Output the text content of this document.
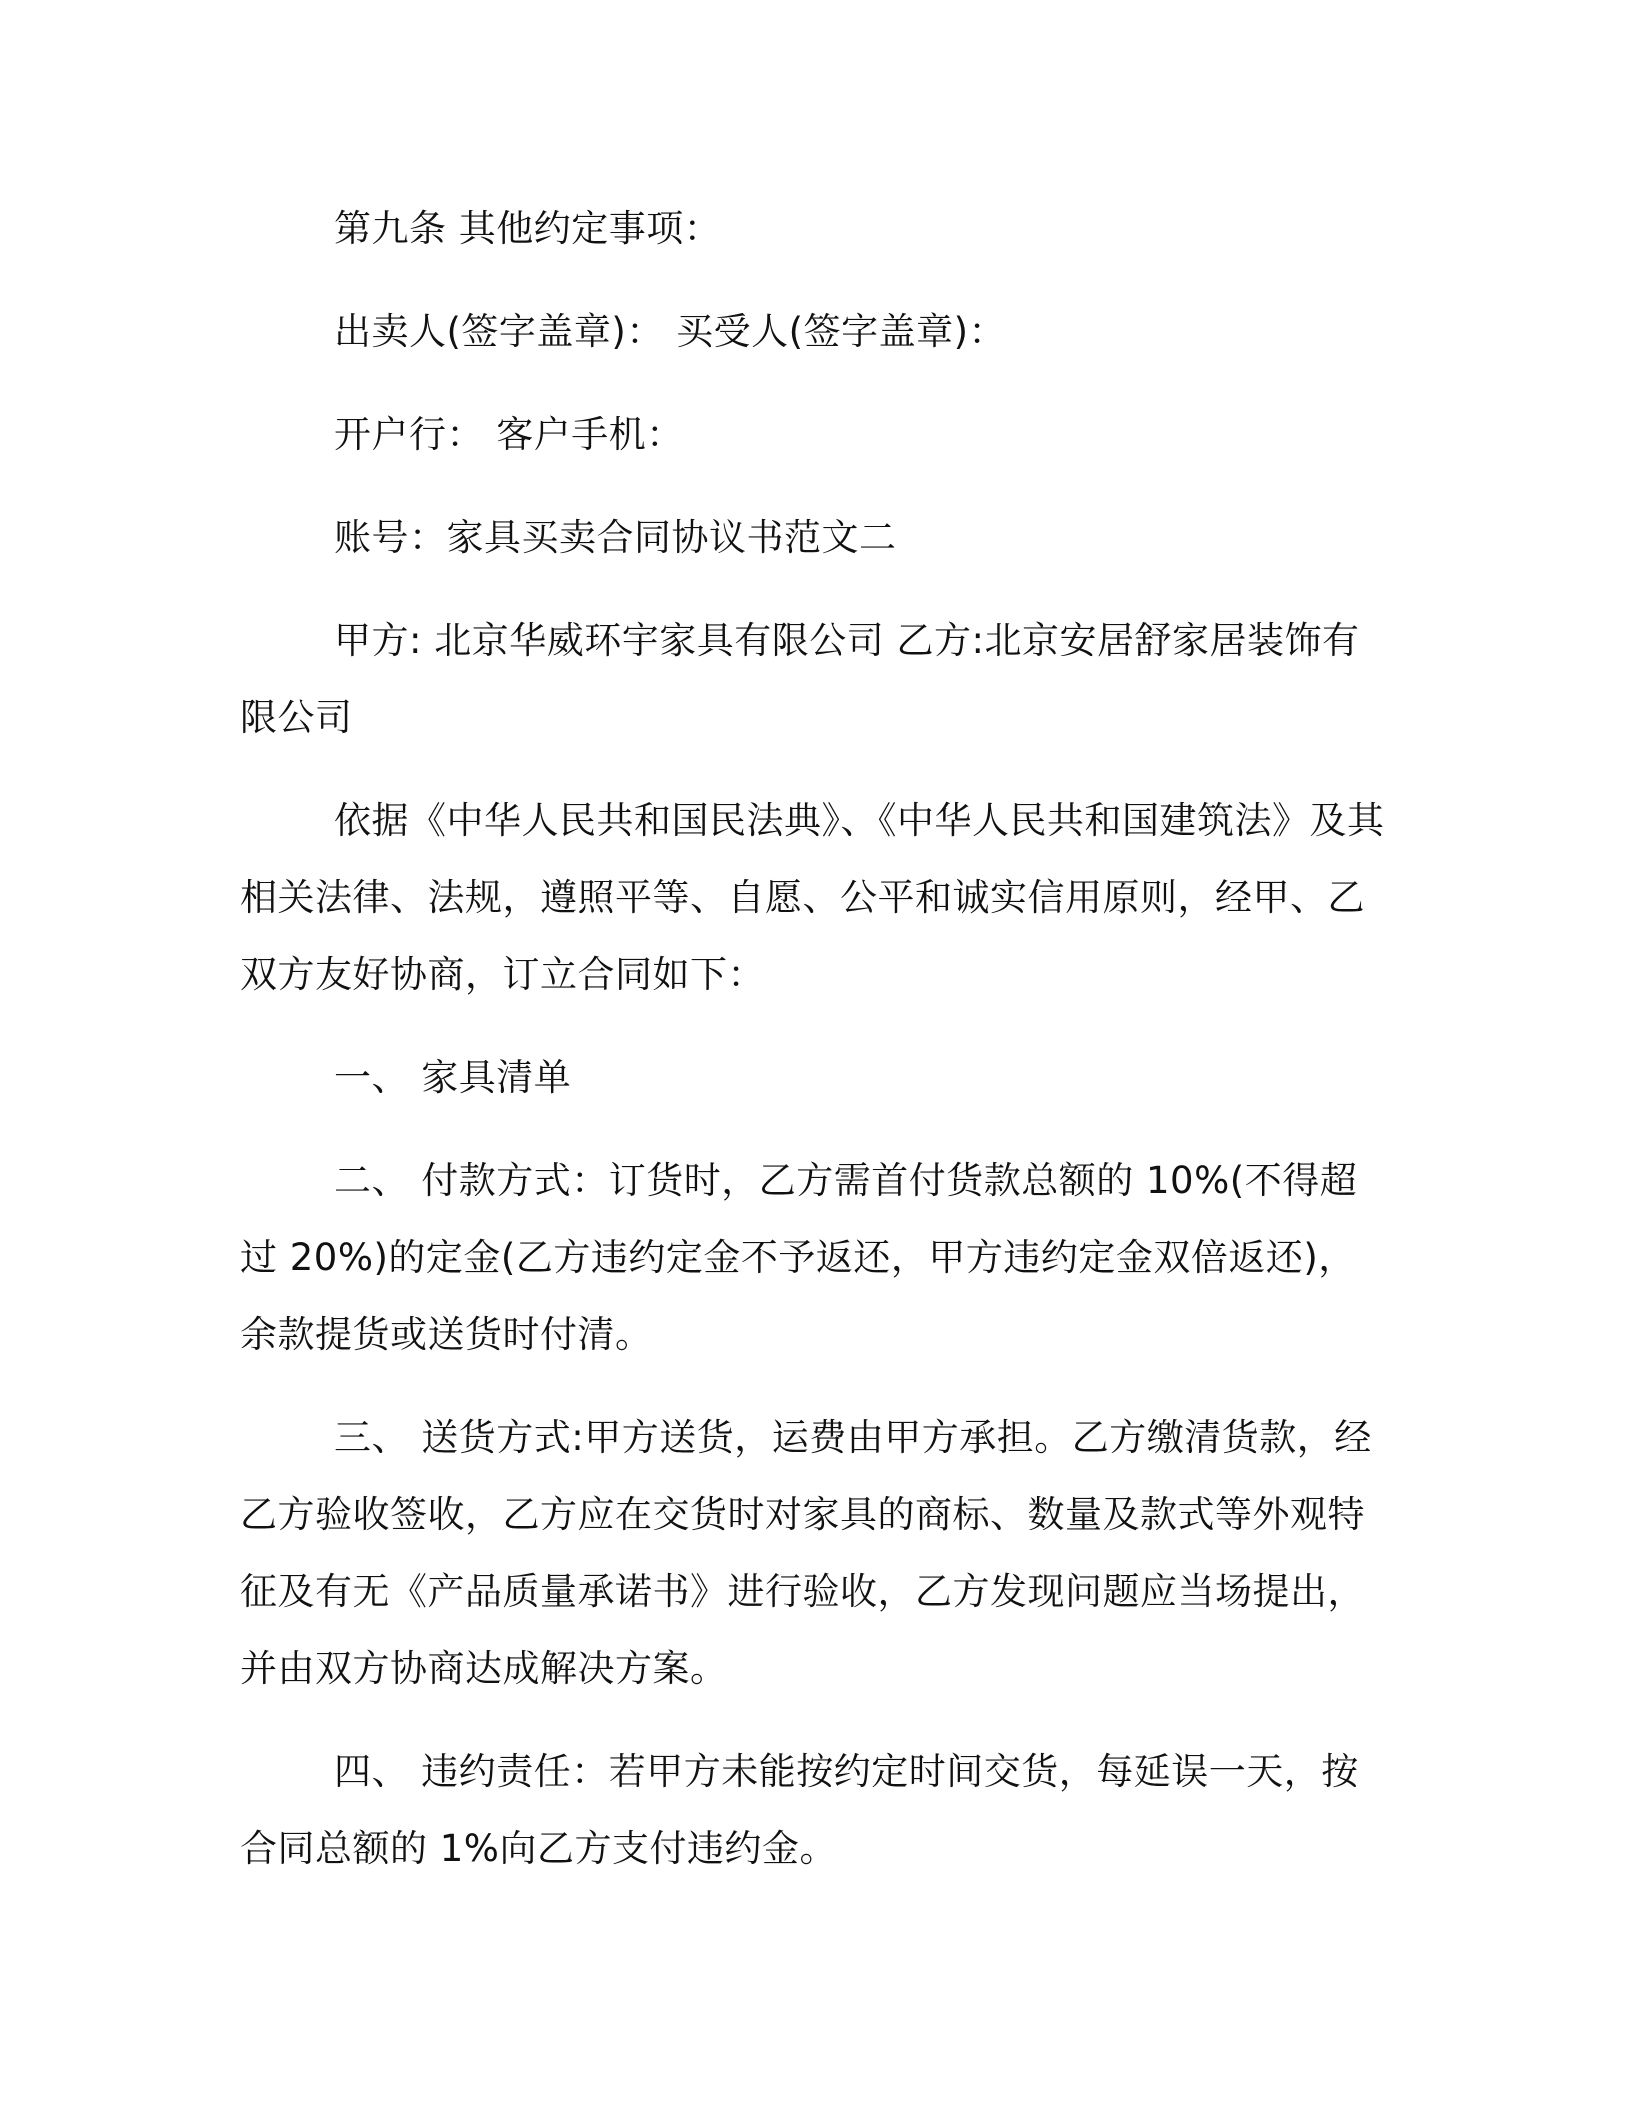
第九条 其他约定事项：

出卖人(签字盖章)： 买受人(签字盖章)：

开户行： 客户手机：

账号：家具买卖合同协议书范文二

甲方: 北京华威环宇家具有限公司 乙方:北京安居舒家居装饰有限公司

依据《中华人民共和国民法典》、《中华人民共和国建筑法》及其相关法律、法规，遵照平等、自愿、公平和诚实信用原则，经甲、乙双方友好协商，订立合同如下：

一、 家具清单

二、 付款方式：订货时，乙方需首付货款总额的 10%(不得超过 20%)的定金(乙方违约定金不予返还，甲方违约定金双倍返还)，余款提货或送货时付清。

三、 送货方式:甲方送货，运费由甲方承担。乙方缴清货款，经乙方验收签收，乙方应在交货时对家具的商标、数量及款式等外观特征及有无《产品质量承诺书》进行验收，乙方发现问题应当场提出，并由双方协商达成解决方案。

四、 违约责任：若甲方未能按约定时间交货，每延误一天，按合同总额的 1%向乙方支付违约金。
